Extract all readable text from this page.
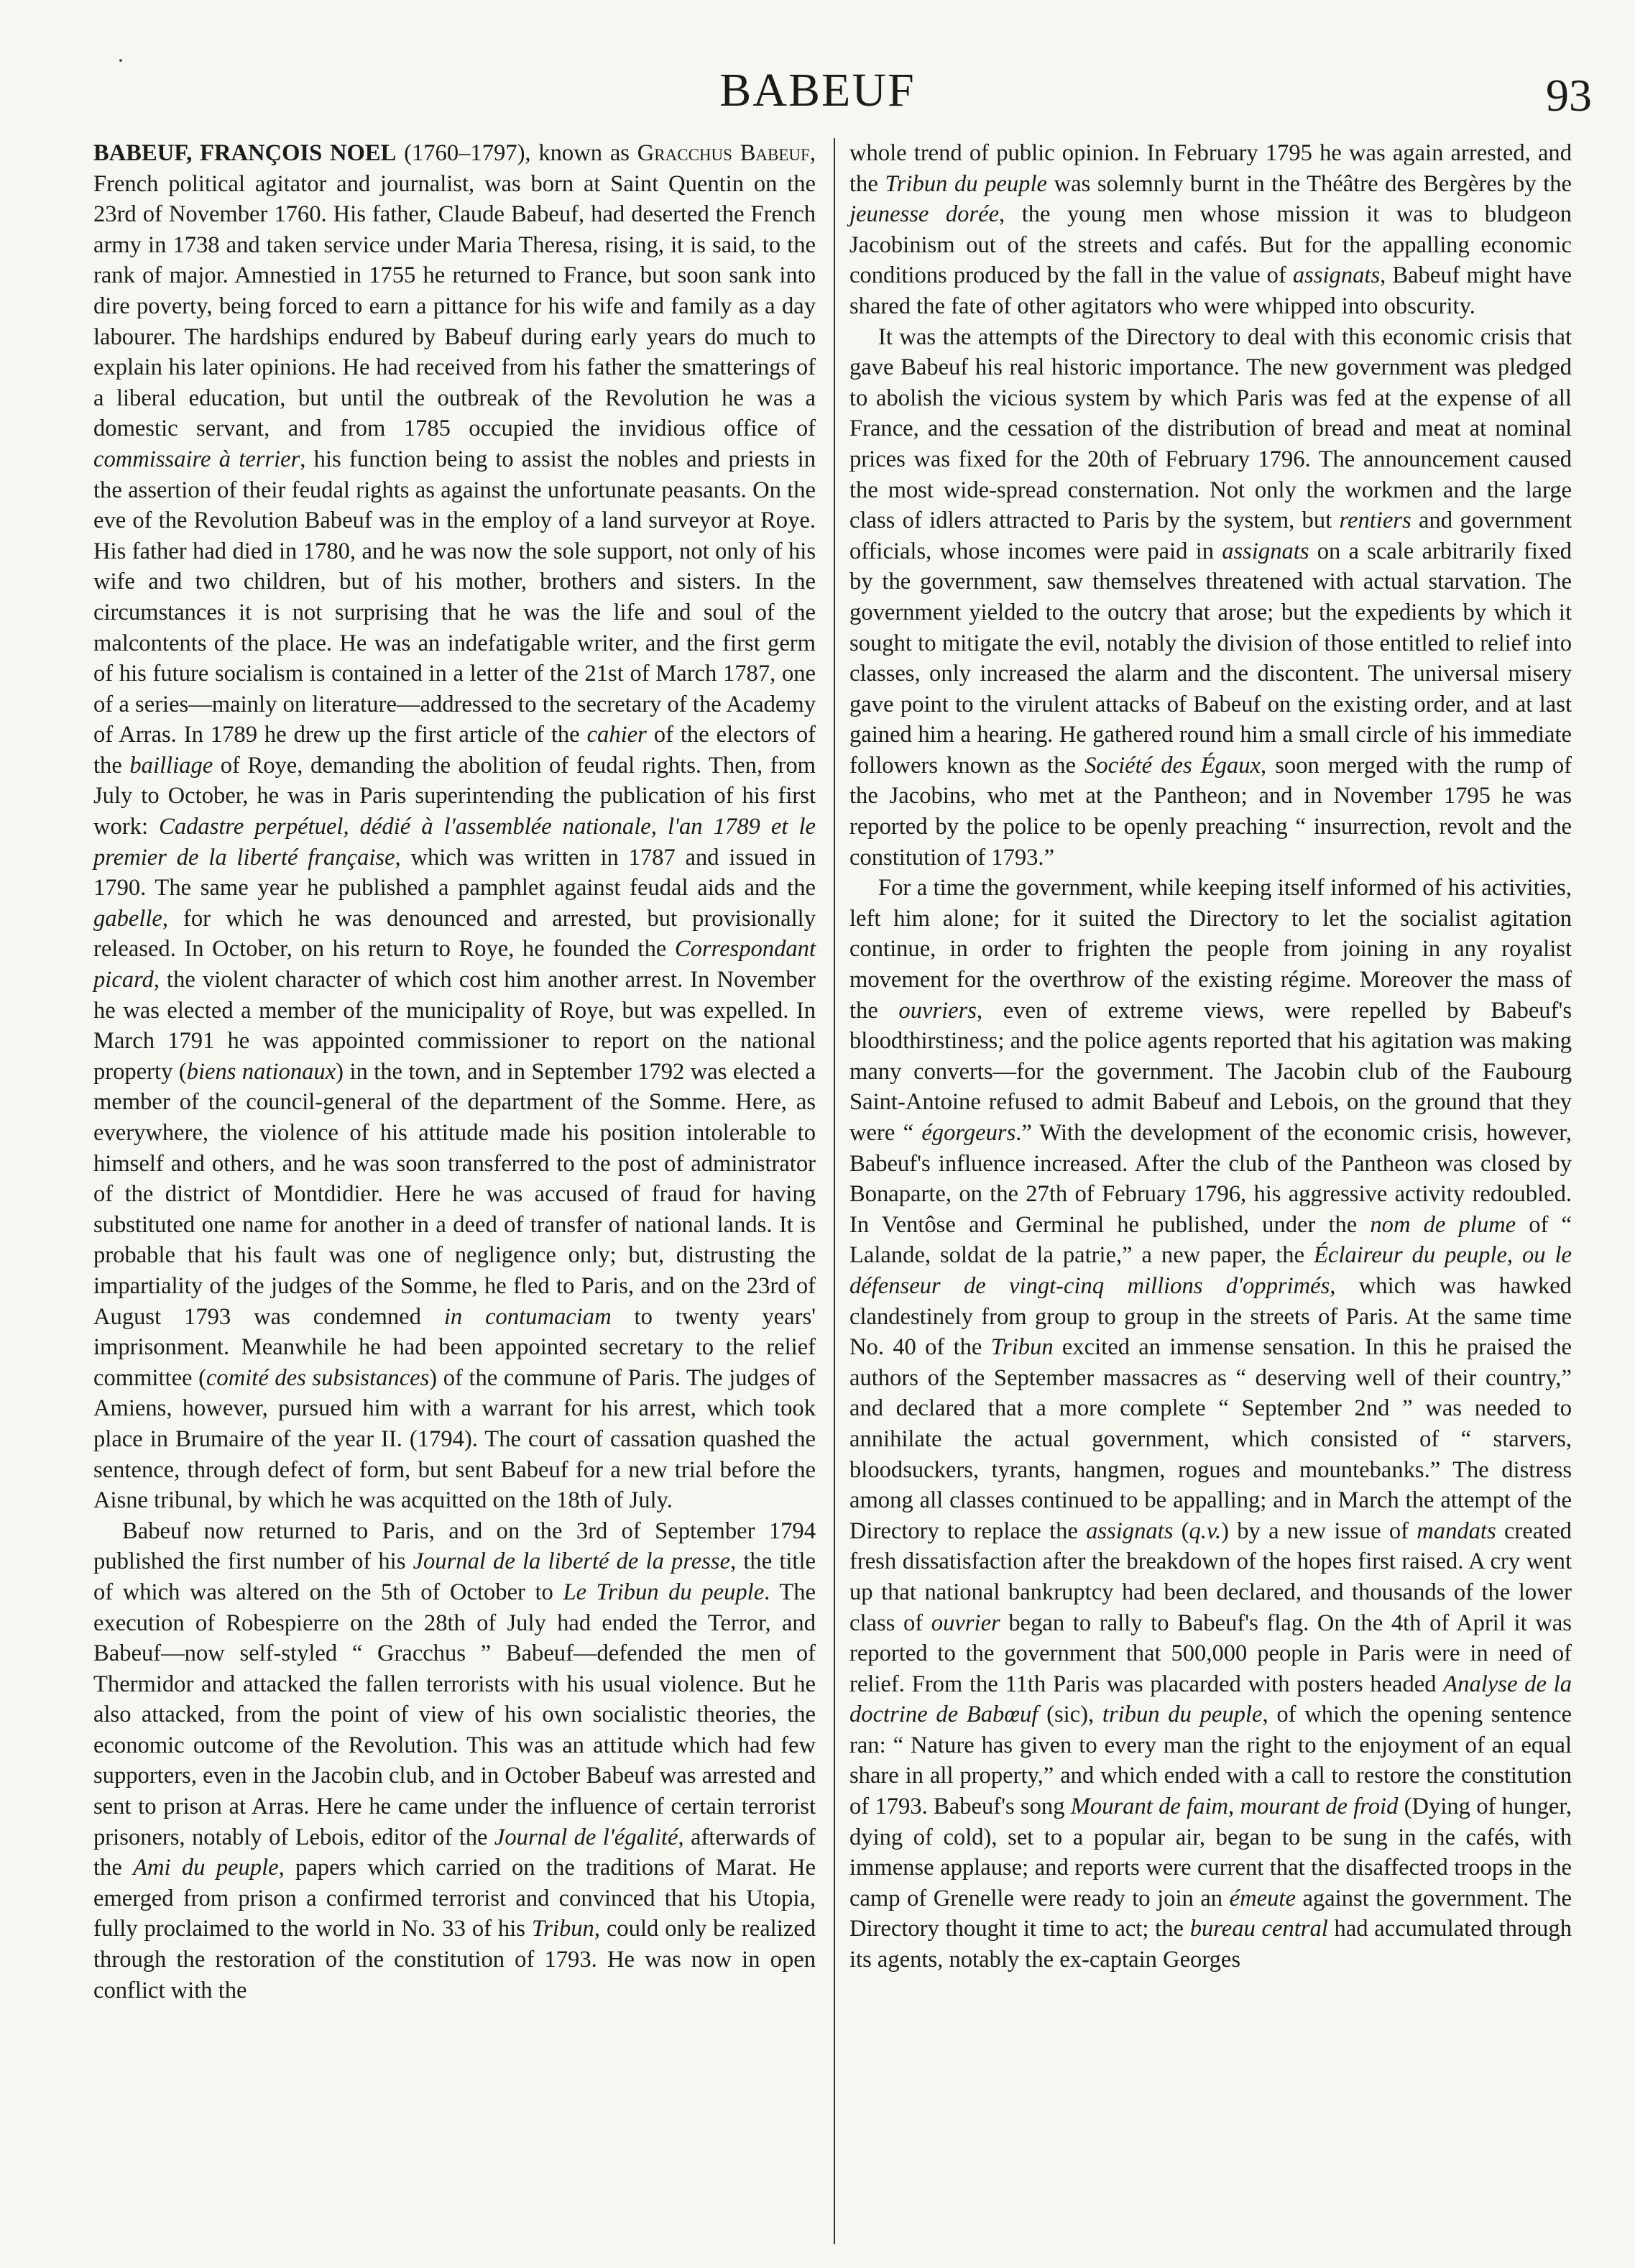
BABEUF	93

BABEUF, FRANÇOIS NOEL (1760–1797), known as Gracchus Babeuf, French political agitator and journalist, was born at Saint Quentin on the 23rd of November 1760. His father, Claude Babeuf, had deserted the French army in 1738 and taken service under Maria Theresa, rising, it is said, to the rank of major. Amnestied in 1755 he returned to France, but soon sank into dire poverty, being forced to earn a pittance for his wife and family as a day labourer. The hardships endured by Babeuf during early years do much to explain his later opinions. He had received from his father the smatterings of a liberal education, but until the outbreak of the Revolution he was a domestic servant, and from 1785 occupied the invidious office of commissaire à terrier, his function being to assist the nobles and priests in the assertion of their feudal rights as against the unfortunate peasants. On the eve of the Revolution Babeuf was in the employ of a land surveyor at Roye. His father had died in 1780, and he was now the sole support, not only of his wife and two children, but of his mother, brothers and sisters. In the circumstances it is not surprising that he was the life and soul of the malcontents of the place. He was an indefatigable writer, and the first germ of his future socialism is contained in a letter of the 21st of March 1787, one of a series—mainly on literature—addressed to the secretary of the Academy of Arras. In 1789 he drew up the first article of the cahier of the electors of the bailliage of Roye, demanding the abolition of feudal rights. Then, from July to October, he was in Paris superintending the publication of his first work: Cadastre perpétuel, dédié à l'assemblée nationale, l'an 1789 et le premier de la liberté française, which was written in 1787 and issued in 1790. The same year he published a pamphlet against feudal aids and the gabelle, for which he was denounced and arrested, but provisionally released. In October, on his return to Roye, he founded the Correspondant picard, the violent character of which cost him another arrest. In November he was elected a member of the municipality of Roye, but was expelled. In March 1791 he was appointed commissioner to report on the national property (biens nationaux) in the town, and in September 1792 was elected a member of the council-general of the department of the Somme. Here, as everywhere, the violence of his attitude made his position intolerable to himself and others, and he was soon transferred to the post of administrator of the district of Montdidier. Here he was accused of fraud for having substituted one name for another in a deed of transfer of national lands. It is probable that his fault was one of negligence only; but, distrusting the impartiality of the judges of the Somme, he fled to Paris, and on the 23rd of August 1793 was condemned in contumaciam to twenty years' imprisonment. Meanwhile he had been appointed secretary to the relief committee (comité des subsistances) of the commune of Paris. The judges of Amiens, however, pursued him with a warrant for his arrest, which took place in Brumaire of the year II. (1794). The court of cassation quashed the sentence, through defect of form, but sent Babeuf for a new trial before the Aisne tribunal, by which he was acquitted on the 18th of July.

Babeuf now returned to Paris, and on the 3rd of September 1794 published the first number of his Journal de la liberté de la presse, the title of which was altered on the 5th of October to Le Tribun du peuple. The execution of Robespierre on the 28th of July had ended the Terror, and Babeuf—now self-styled “ Gracchus ” Babeuf—defended the men of Thermidor and attacked the fallen terrorists with his usual violence. But he also attacked, from the point of view of his own socialistic theories, the economic outcome of the Revolution. This was an attitude which had few supporters, even in the Jacobin club, and in October Babeuf was arrested and sent to prison at Arras. Here he came under the influence of certain terrorist prisoners, notably of Lebois, editor of the Journal de l'égalité, afterwards of the Ami du peuple, papers which carried on the traditions of Marat. He emerged from prison a confirmed terrorist and convinced that his Utopia, fully proclaimed to the world in No. 33 of his Tribun, could only be realized through the restoration of the constitution of 1793. He was now in open conflict with the

whole trend of public opinion. In February 1795 he was again arrested, and the Tribun du peuple was solemnly burnt in the Théâtre des Bergères by the jeunesse dorée, the young men whose mission it was to bludgeon Jacobinism out of the streets and cafés. But for the appalling economic conditions produced by the fall in the value of assignats, Babeuf might have shared the fate of other agitators who were whipped into obscurity.

It was the attempts of the Directory to deal with this economic crisis that gave Babeuf his real historic importance. The new government was pledged to abolish the vicious system by which Paris was fed at the expense of all France, and the cessation of the distribution of bread and meat at nominal prices was fixed for the 20th of February 1796. The announcement caused the most wide-spread consternation. Not only the workmen and the large class of idlers attracted to Paris by the system, but rentiers and government officials, whose incomes were paid in assignats on a scale arbitrarily fixed by the government, saw themselves threatened with actual starvation. The government yielded to the outcry that arose; but the expedients by which it sought to mitigate the evil, notably the division of those entitled to relief into classes, only increased the alarm and the discontent. The universal misery gave point to the virulent attacks of Babeuf on the existing order, and at last gained him a hearing. He gathered round him a small circle of his immediate followers known as the Société des Égaux, soon merged with the rump of the Jacobins, who met at the Pantheon; and in November 1795 he was reported by the police to be openly preaching “ insurrection, revolt and the constitution of 1793.”

For a time the government, while keeping itself informed of his activities, left him alone; for it suited the Directory to let the socialist agitation continue, in order to frighten the people from joining in any royalist movement for the overthrow of the existing régime. Moreover the mass of the ouvriers, even of extreme views, were repelled by Babeuf's bloodthirstiness; and the police agents reported that his agitation was making many converts—for the government. The Jacobin club of the Faubourg Saint-Antoine refused to admit Babeuf and Lebois, on the ground that they were “ égorgeurs.” With the development of the economic crisis, however, Babeuf's influence increased. After the club of the Pantheon was closed by Bonaparte, on the 27th of February 1796, his aggressive activity redoubled. In Ventôse and Germinal he published, under the nom de plume of “ Lalande, soldat de la patrie,” a new paper, the Éclaireur du peuple, ou le défenseur de vingt-cinq millions d'opprimés, which was hawked clandestinely from group to group in the streets of Paris. At the same time No. 40 of the Tribun excited an immense sensation. In this he praised the authors of the September massacres as “ deserving well of their country,” and declared that a more complete “ September 2nd ” was needed to annihilate the actual government, which consisted of “ starvers, bloodsuckers, tyrants, hangmen, rogues and mountebanks.” The distress among all classes continued to be appalling; and in March the attempt of the Directory to replace the assignats (q.v.) by a new issue of mandats created fresh dissatisfaction after the breakdown of the hopes first raised. A cry went up that national bankruptcy had been declared, and thousands of the lower class of ouvrier began to rally to Babeuf's flag. On the 4th of April it was reported to the government that 500,000 people in Paris were in need of relief. From the 11th Paris was placarded with posters headed Analyse de la doctrine de Babœuf (sic), tribun du peuple, of which the opening sentence ran: “ Nature has given to every man the right to the enjoyment of an equal share in all property,” and which ended with a call to restore the constitution of 1793. Babeuf's song Mourant de faim, mourant de froid (Dying of hunger, dying of cold), set to a popular air, began to be sung in the cafés, with immense applause; and reports were current that the disaffected troops in the camp of Grenelle were ready to join an émeute against the government. The Directory thought it time to act; the bureau central had accumulated through its agents, notably the ex-captain Georges
